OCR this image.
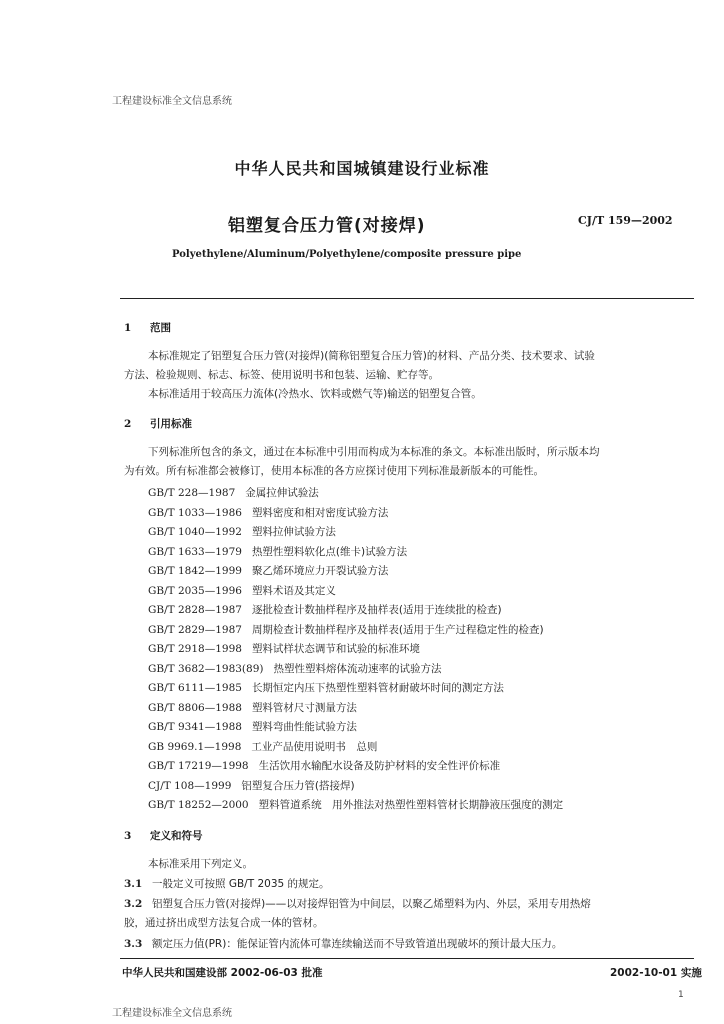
工程建设标准全文信息系统
中华人民共和国城镇建设行业标准
铝塑复合压力管(对接焊)	CJ/T 159—2002
Polyethylene/Aluminum/Polyethylene/composite pressure pipe
1 范围
本标准规定了铝塑复合压力管(对接焊)(简称铝塑复合压力管)的材料、产品分类、技术要求、试验
方法、检验规则、标志、标签、使用说明书和包装、运输、贮存等。
本标准适用于较高压力流体(冷热水、饮料或燃气等)输送的铝塑复合管。
2 引用标准
下列标准所包含的条文，通过在本标准中引用而构成为本标准的条文。本标准出版时，所示版本均
为有效。所有标准都会被修订，使用本标准的各方应探讨使用下列标准最新版本的可能性。
GB/T 228—1987 金属拉伸试验法
GB/T 1033—1986 塑料密度和相对密度试验方法
GB/T 1040—1992 塑料拉伸试验方法
GB/T 1633—1979 热塑性塑料软化点(维卡)试验方法
GB/T 1842—1999 聚乙烯环境应力开裂试验方法
GB/T 2035—1996 塑料术语及其定义
GB/T 2828—1987 逐批检查计数抽样程序及抽样表(适用于连续批的检查)
GB/T 2829—1987 周期检查计数抽样程序及抽样表(适用于生产过程稳定性的检查)
GB/T 2918—1998 塑料试样状态调节和试验的标准环境
GB/T 3682—1983(89) 热塑性塑料熔体流动速率的试验方法
GB/T 6111—1985 长期恒定内压下热塑性塑料管材耐破坏时间的测定方法
GB/T 8806—1988 塑料管材尺寸测量方法
GB/T 9341—1988 塑料弯曲性能试验方法
GB 9969.1—1998 工业产品使用说明书　总则
GB/T 17219—1998 生活饮用水输配水设备及防护材料的安全性评价标准
CJ/T 108—1999 铝塑复合压力管(搭接焊)
GB/T 18252—2000 塑料管道系统　用外推法对热塑性塑料管材长期静液压强度的测定
3 定义和符号
本标准采用下列定义。
3.1 一般定义可按照 GB/T 2035 的规定。
3.2 铝塑复合压力管(对接焊)——以对接焊铝管为中间层，以聚乙烯塑料为内、外层，采用专用热熔
胶，通过挤出成型方法复合成一体的管材。
3.3 额定压力值(PR)：能保证管内流体可靠连续输送而不导致管道出现破坏的预计最大压力。
中华人民共和国建设部 2002-06-03 批准	2002-10-01 实施
1
工程建设标准全文信息系统
